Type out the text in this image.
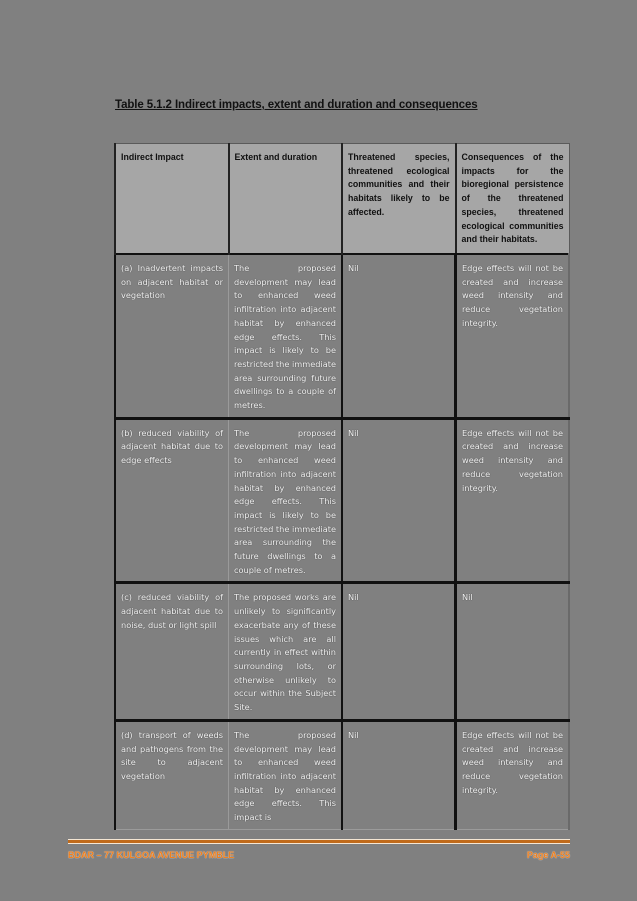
Table 5.1.2 Indirect impacts, extent and duration and consequences
Indirect Impact	Extent and duration	Threatened species, threatened ecological communities and their habitats likely to be affected.	Consequences of the impacts for the bioregional persistence of the threatened species, threatened ecological communities and their habitats.
(a) Inadvertent impacts on adjacent habitat or vegetation	The proposed development may lead to enhanced weed infiltration into adjacent habitat by enhanced edge effects. This impact is likely to be restricted the immediate area surrounding future dwellings to a couple of metres.	Nil	Edge effects will not be created and increase weed intensity and reduce vegetation integrity.
(b) reduced viability of adjacent habitat due to edge effects	The proposed development may lead to enhanced weed infiltration into adjacent habitat by enhanced edge effects. This impact is likely to be restricted the immediate area surrounding the future dwellings to a couple of metres.	Nil	Edge effects will not be created and increase weed intensity and reduce vegetation integrity.
(c) reduced viability of adjacent habitat due to noise, dust or light spill	The proposed works are unlikely to significantly exacerbate any of these issues which are all currently in effect within surrounding lots, or otherwise unlikely to occur within the Subject Site.	Nil	Nil
(d) transport of weeds and pathogens from the site to adjacent vegetation	The proposed development may lead to enhanced weed infiltration into adjacent habitat by enhanced edge effects. This impact is	Nil	Edge effects will not be created and increase weed intensity and reduce vegetation integrity.
BDAR – 77 KULGOA AVENUE PYMBLE	Page A-55
